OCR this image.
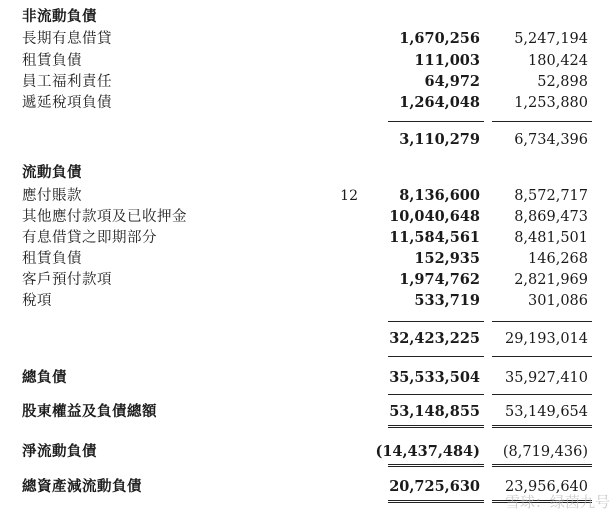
非流動負債
長期有息借貸	1,670,256 5,247,194
租賃負債	111,003	180,424
員工福利責任	64,972	52,898
遞延稅項負債	1,264,048 1,253,880
3,110,279 6,734,396
流動負債
應付賬款	12	8,136,600 8,572,717
其他應付款項及已收押金	10,040,648 8,869,473
有息借貸之即期部分	11,584,561 8,481,501
租賃負債	152,935	146,268
客戶預付款項	1,974,762 2,821,969
稅項	533,719	301,086
32,423,225 29,193,014
總負債	35,533,504 35,927,410
股東權益及負債總額	53,148,855 53,149,654
淨流動負債	(14,437,484) (8,719,436)
總資產減流動負債	20,725,630 23,956,640
雪球：绿茵九号
